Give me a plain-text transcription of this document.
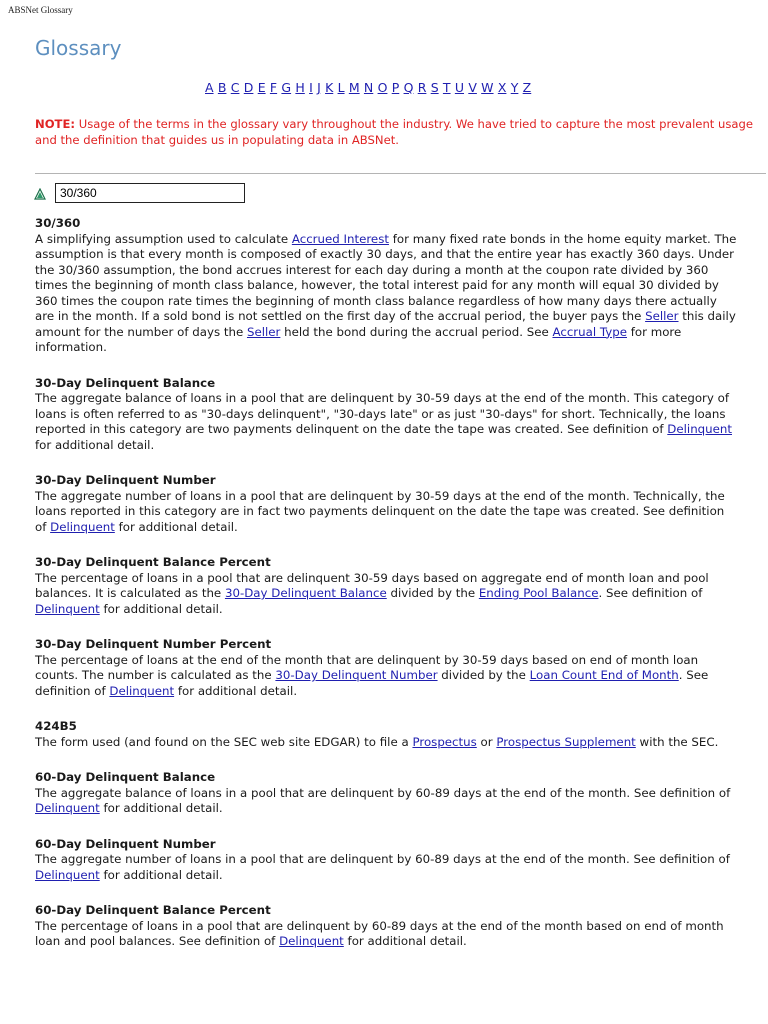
ABSNet Glossary
Glossary
A B C D E F G H I J K L M N O P Q R S T U V W X Y Z
NOTE: Usage of the terms in the glossary vary throughout the industry. We have tried to capture the most prevalent usage and the definition that guides us in populating data in ABSNet.
30/360

30/360

A simplifying assumption used to calculate Accrued Interest for many fixed rate bonds in the home equity market. The assumption is that every month is composed of exactly 30 days, and that the entire year has exactly 360 days. Under the 30/360 assumption, the bond accrues interest for each day during a month at the coupon rate divided by 360 times the beginning of month class balance, however, the total interest paid for any month will equal 30 divided by 360 times the coupon rate times the beginning of month class balance regardless of how many days there actually are in the month. If a sold bond is not settled on the first day of the accrual period, the buyer pays the Seller this daily amount for the number of days the Seller held the bond during the accrual period. See Accrual Type for more information.

30-Day Delinquent Balance

The aggregate balance of loans in a pool that are delinquent by 30-59 days at the end of the month. This category of loans is often referred to as "30-days delinquent", "30-days late" or as just "30-days" for short. Technically, the loans reported in this category are two payments delinquent on the date the tape was created. See definition of Delinquent for additional detail.

30-Day Delinquent Number

The aggregate number of loans in a pool that are delinquent by 30-59 days at the end of the month. Technically, the loans reported in this category are in fact two payments delinquent on the date the tape was created. See definition of Delinquent for additional detail.

30-Day Delinquent Balance Percent

The percentage of loans in a pool that are delinquent 30-59 days based on aggregate end of month loan and pool balances. It is calculated as the 30-Day Delinquent Balance divided by the Ending Pool Balance. See definition of Delinquent for additional detail.

30-Day Delinquent Number Percent

The percentage of loans at the end of the month that are delinquent by 30-59 days based on end of month loan counts. The number is calculated as the 30-Day Delinquent Number divided by the Loan Count End of Month. See definition of Delinquent for additional detail.

424B5

The form used (and found on the SEC web site EDGAR) to file a Prospectus or Prospectus Supplement with the SEC.

60-Day Delinquent Balance

The aggregate balance of loans in a pool that are delinquent by 60-89 days at the end of the month. See definition of Delinquent for additional detail.

60-Day Delinquent Number

The aggregate number of loans in a pool that are delinquent by 60-89 days at the end of the month. See definition of Delinquent for additional detail.

60-Day Delinquent Balance Percent

The percentage of loans in a pool that are delinquent by 60-89 days at the end of the month based on end of month loan and pool balances. See definition of Delinquent for additional detail.
